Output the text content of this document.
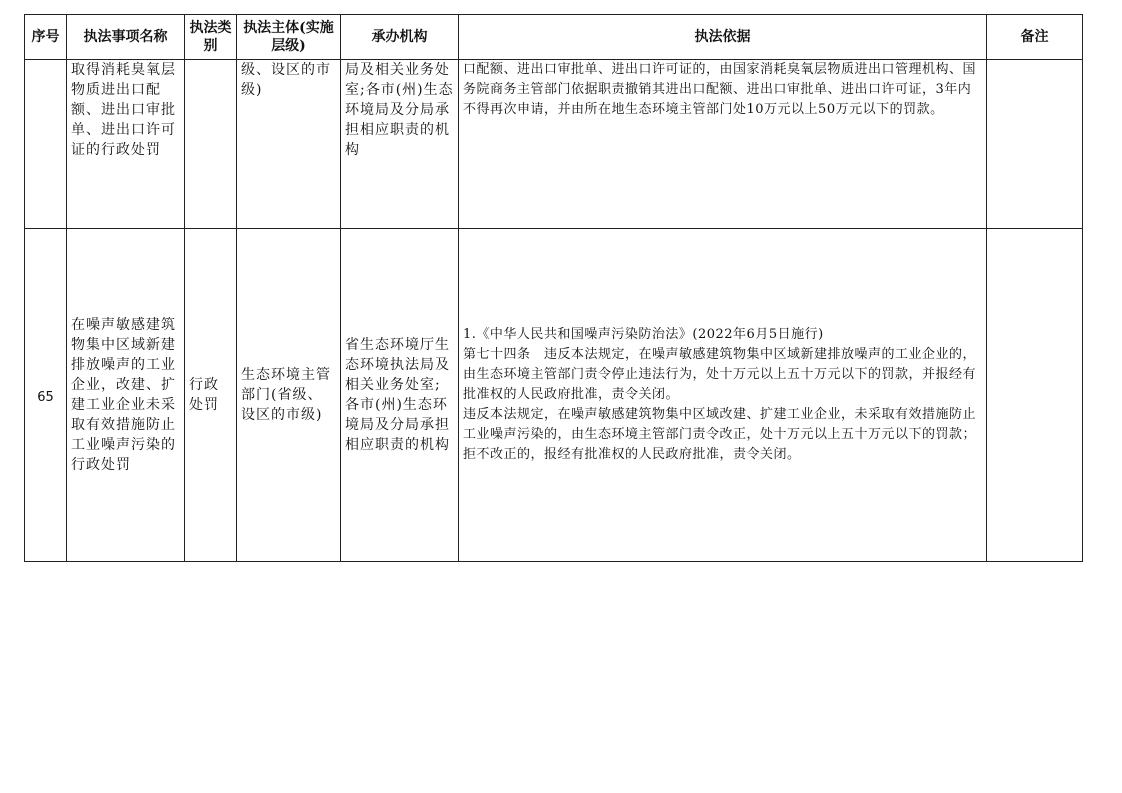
序号	执法事项名称	执法类别	执法主体(实施层级)	承办机构	执法依据	备注

	取得消耗臭氧层物质进出口配额、进出口审批单、进出口许可证的行政处罚		级、设区的市级)	局及相关业务处室;各市(州)生态环境局及分局承担相应职责的机构	口配额、进出口审批单、进出口许可证的，由国家消耗臭氧层物质进出口管理机构、国务院商务主管部门依据职责撤销其进出口配额、进出口审批单、进出口许可证，3年内不得再次申请，并由所在地生态环境主管部门处10万元以上50万元以下的罚款。	

65	在噪声敏感建筑物集中区域新建排放噪声的工业企业，改建、扩建工业企业未采取有效措施防止工业噪声污染的行政处罚	行政处罚	生态环境主管部门(省级、设区的市级)	省生态环境厅生态环境执法局及相关业务处室;各市(州)生态环境局及分局承担相应职责的机构	1.《中华人民共和国噪声污染防治法》(2022年6月5日施行)
第七十四条　违反本法规定，在噪声敏感建筑物集中区域新建排放噪声的工业企业的，由生态环境主管部门责令停止违法行为，处十万元以上五十万元以下的罚款，并报经有批准权的人民政府批准，责令关闭。
违反本法规定，在噪声敏感建筑物集中区域改建、扩建工业企业，未采取有效措施防止工业噪声污染的，由生态环境主管部门责令改正，处十万元以上五十万元以下的罚款；拒不改正的，报经有批准权的人民政府批准，责令关闭。	
